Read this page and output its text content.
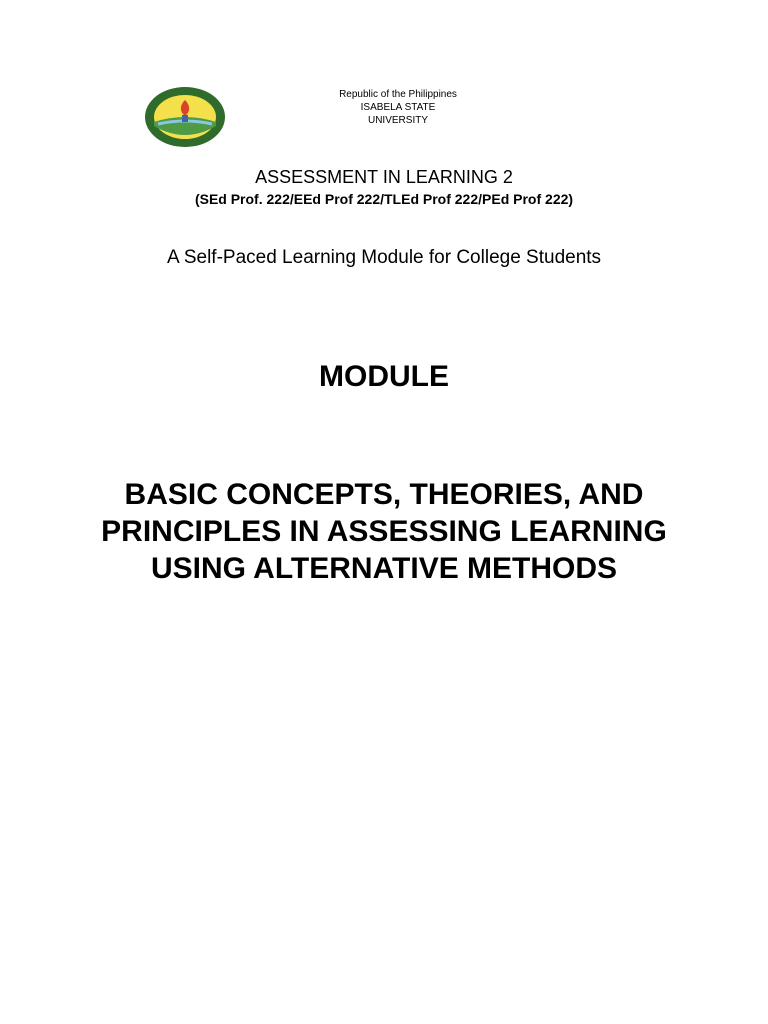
Republic of the Philippines
ISABELA STATE UNIVERSITY
ASSESSMENT IN LEARNING 2
(SEd Prof. 222/EEd Prof 222/TLEd Prof 222/PEd Prof 222)
A Self-Paced Learning Module for College Students
MODULE
BASIC CONCEPTS, THEORIES, AND PRINCIPLES IN ASSESSING LEARNING USING ALTERNATIVE METHODS
